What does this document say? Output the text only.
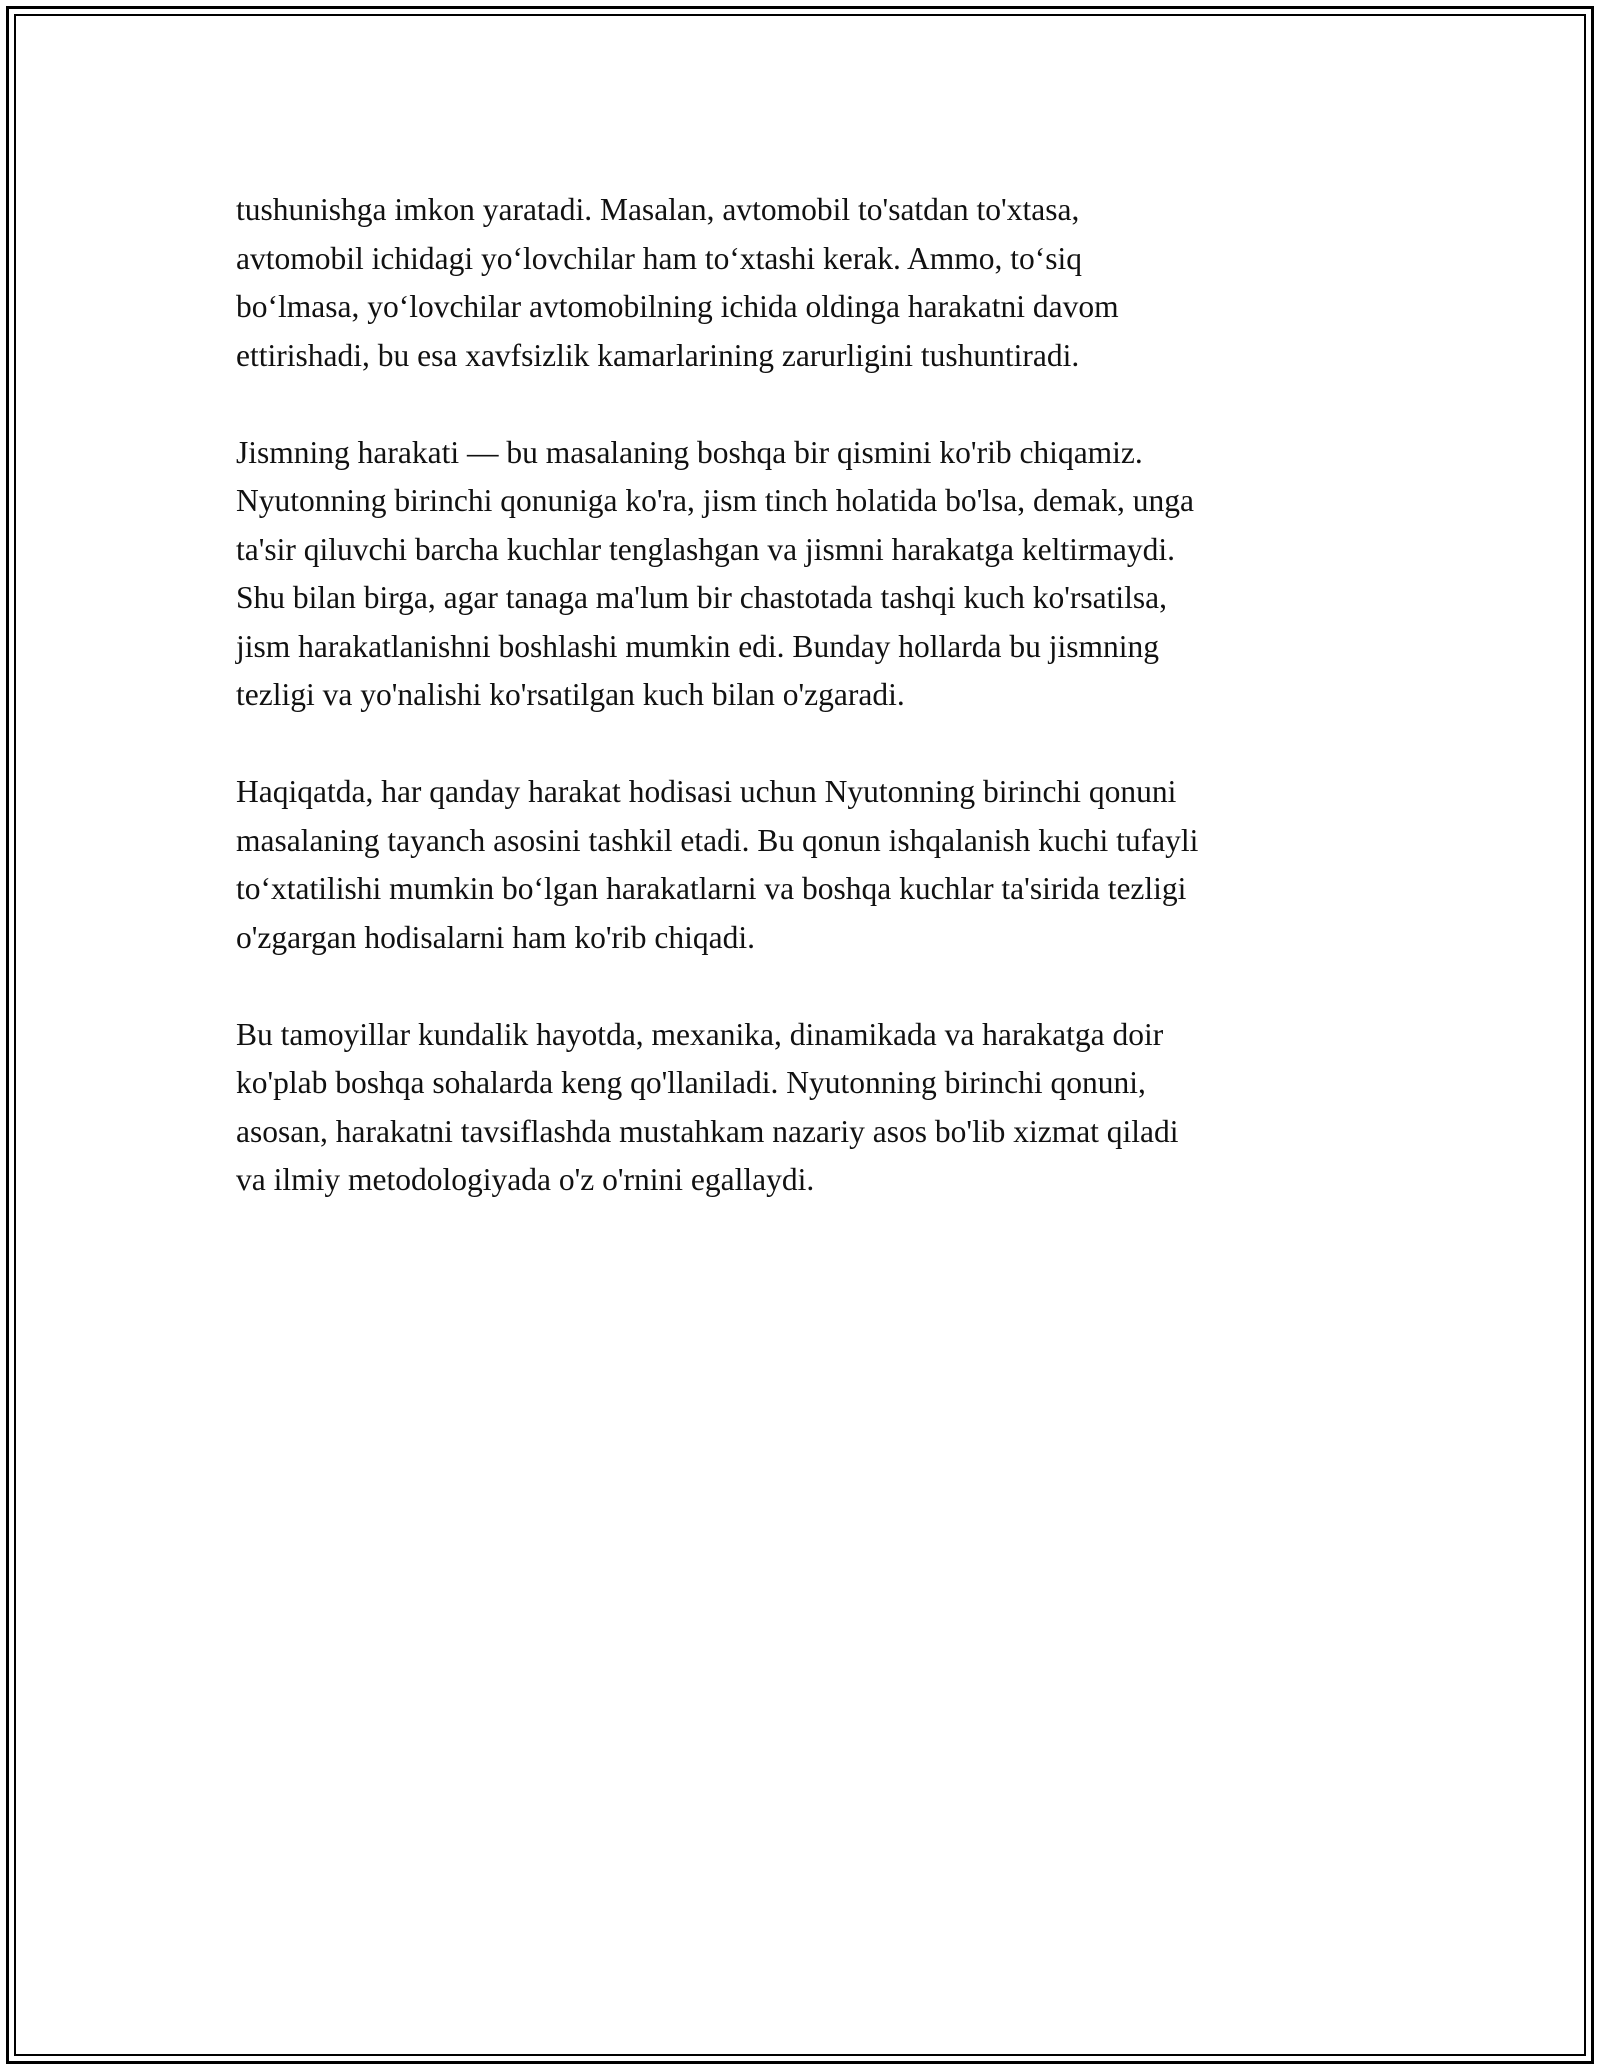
tushunishga imkon yaratadi. Masalan, avtomobil to'satdan to'xtasa,
avtomobil ichidagi yo‘lovchilar ham to‘xtashi kerak. Ammo, to‘siq
bo‘lmasa, yo‘lovchilar avtomobilning ichida oldinga harakatni davom
ettirishadi, bu esa xavfsizlik kamarlarining zarurligini tushuntiradi.

Jismning harakati — bu masalaning boshqa bir qismini ko'rib chiqamiz.
Nyutonning birinchi qonuniga ko'ra, jism tinch holatida bo'lsa, demak, unga
ta'sir qiluvchi barcha kuchlar tenglashgan va jismni harakatga keltirmaydi.
Shu bilan birga, agar tanaga ma'lum bir chastotada tashqi kuch ko'rsatilsa,
jism harakatlanishni boshlashi mumkin edi. Bunday hollarda bu jismning
tezligi va yo'nalishi ko'rsatilgan kuch bilan o'zgaradi.

Haqiqatda, har qanday harakat hodisasi uchun Nyutonning birinchi qonuni
masalaning tayanch asosini tashkil etadi. Bu qonun ishqalanish kuchi tufayli
to‘xtatilishi mumkin bo‘lgan harakatlarni va boshqa kuchlar ta'sirida tezligi
o'zgargan hodisalarni ham ko'rib chiqadi.

Bu tamoyillar kundalik hayotda, mexanika, dinamikada va harakatga doir
ko'plab boshqa sohalarda keng qo'llaniladi. Nyutonning birinchi qonuni,
asosan, harakatni tavsiflashda mustahkam nazariy asos bo'lib xizmat qiladi
va ilmiy metodologiyada o'z o'rnini egallaydi.
